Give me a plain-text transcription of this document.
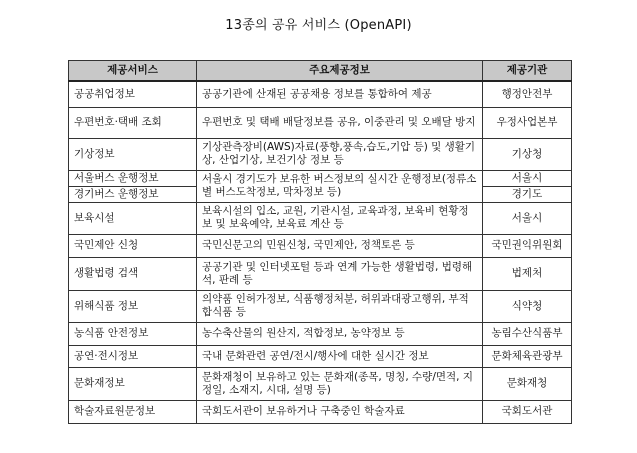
13종의 공유 서비스 (OpenAPI)
제공서비스	주요제공정보	제공기관
공공취업정보	공공기관에 산재된 공공채용 정보를 통합하여 제공	행정안전부
우편번호·택배 조회	우편번호 및 택배 배달정보를 공유, 이중관리 및 오배달 방지	우정사업본부
기상정보	기상관측장비(AWS)자료(풍향,풍속,습도,기압 등) 및 생활기상, 산업기상, 보건기상 정보 등	기상청
서울버스 운행정보	서울시 경기도가 보유한 버스정보의 실시간 운행정보(정류소별 버스도착정보, 막차정보 등)	서울시
경기버스 운행정보		경기도
보육시설	보육시설의 입소, 교원, 기관시설, 교육과정, 보육비 현황정보 및 보육예약, 보육료 계산 등	서울시
국민제안 신청	국민신문고의 민원신청, 국민제안, 정책토론 등	국민권익위원회
생활법령 검색	공공기관 및 인터넷포털 등과 연계 가능한 생활법령, 법령해석, 판례 등	법제처
위해식품 정보	의약품 인허가정보, 식품행정처분, 허위과대광고행위, 부적합식품 등	식약청
농식품 안전정보	농수축산물의 원산지, 적합정보, 농약정보 등	농림수산식품부
공연·전시정보	국내 문화관련 공연/전시/행사에 대한 실시간 정보	문화체육관광부
문화재정보	문화재청이 보유하고 있는 문화재(종목, 명칭, 수량/면적, 지정일, 소재지, 시대, 설명 등)	문화재청
학술자료원문정보	국회도서관이 보유하거나 구축중인 학술자료	국회도서관
